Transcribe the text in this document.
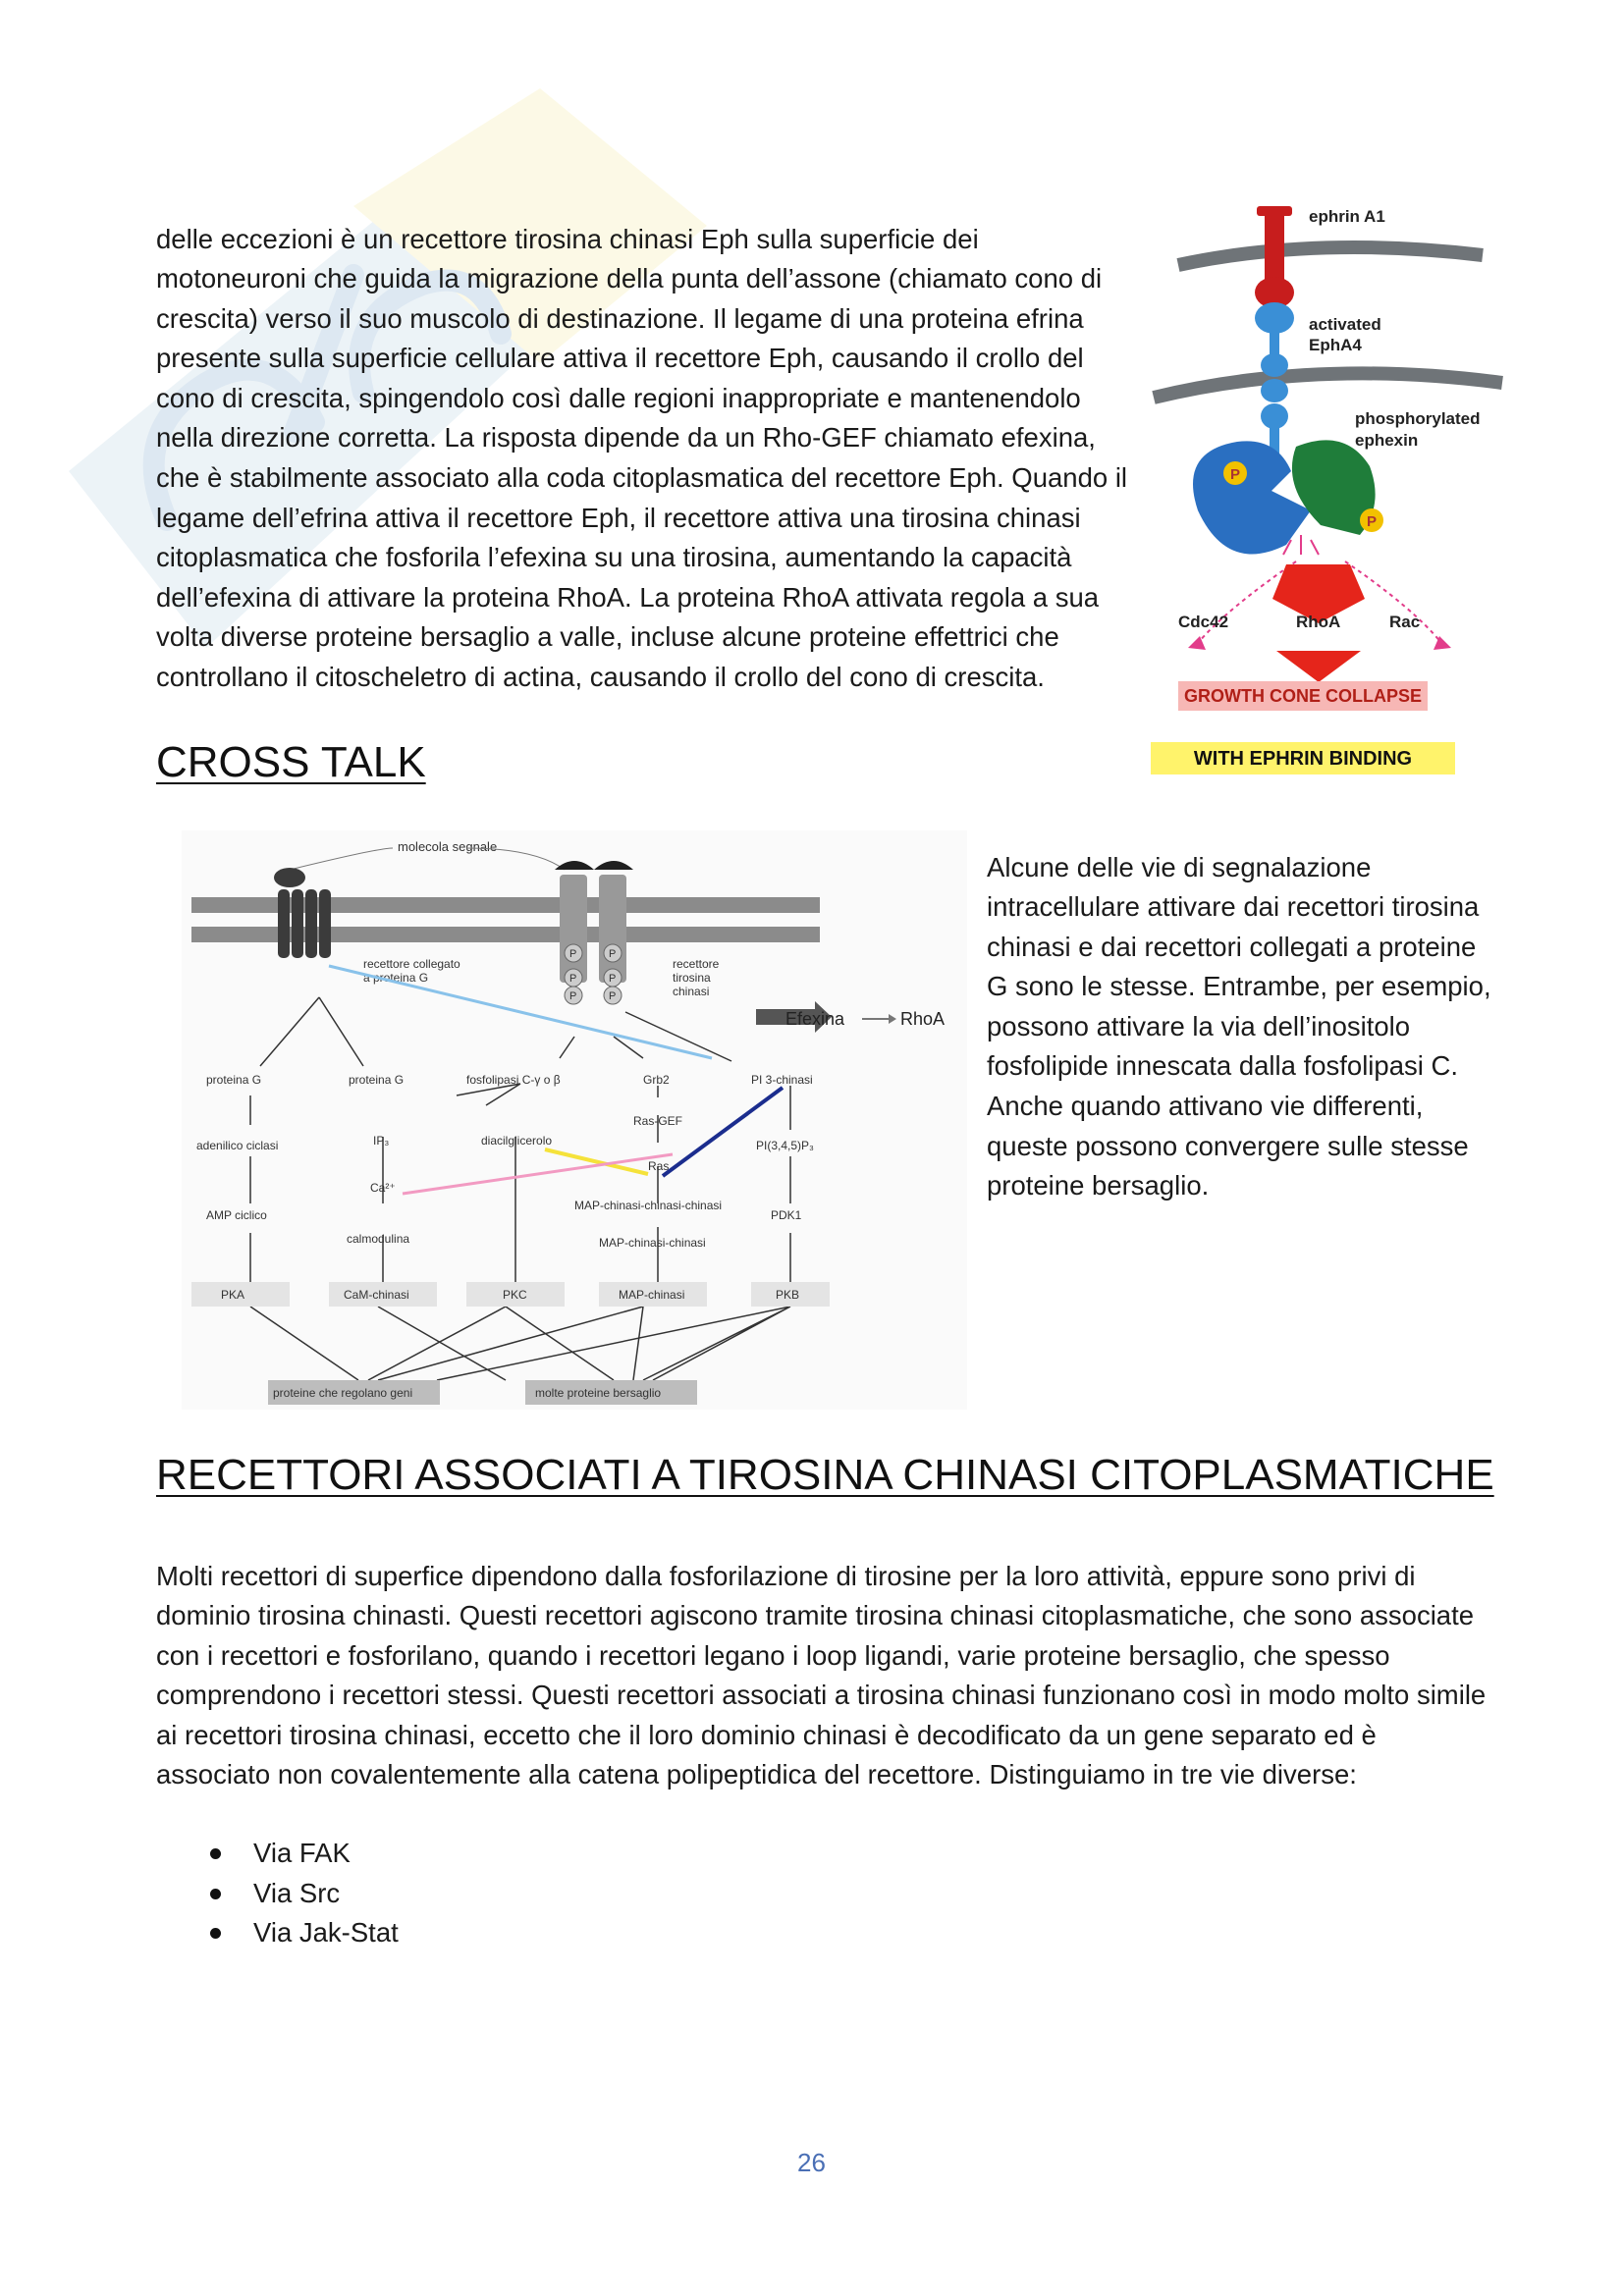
delle eccezioni è un recettore tirosina chinasi Eph sulla superficie dei motoneuroni che guida la migrazione della punta dell’assone (chiamato cono di crescita) verso il suo muscolo di destinazione. Il legame di una proteina efrina presente sulla superficie cellulare attiva il recettore Eph, causando il crollo del cono di crescita, spingendolo così dalle regioni inappropriate e mantenendolo nella direzione corretta. La risposta dipende da un Rho-GEF chiamato efexina, che è stabilmente associato alla coda citoplasmatica del recettore Eph. Quando il legame dell’efrina attiva il recettore Eph, il recettore attiva una tirosina chinasi citoplasmatica che fosforila l’efexina su una tirosina, aumentando la capacità dell’efexina di attivare la proteina RhoA. La proteina RhoA attivata regola a sua volta diverse proteine bersaglio a valle, incluse alcune proteine effettrici che controllano il citoscheletro di actina, causando il crollo del cono di crescita.

P
P
ephrin A1
activated
EphA4
phosphorylated
ephexin
Cdc42	RhoA	Rac
GROWTH CONE COLLAPSE
WITH EPHRIN BINDING
CROSS TALK
molecola segnale
P	P
P	P
P	P
recettore collegato
a proteina G
recettore
tirosina
chinasi
Efexina	RhoA
proteina G	proteina G	fosfolipasi C-γ o β	Grb2	PI 3-chinasi
adenilico ciclasi	IP₃	diacilglicerolo
Ras-GEF
PI(3,4,5)P₃
Ras
Ca²⁺
AMP ciclico
MAP-chinasi-chinasi-chinasi
PDK1
calmodulina	MAP-chinasi-chinasi
PKA	CaM-chinasi	PKC	MAP-chinasi	PKB
proteine che regolano geni	molte proteine bersaglio

Alcune delle vie di segnalazione intracellulare attivare dai recettori tirosina chinasi e dai recettori collegati a proteine G sono le stesse. Entrambe, per esempio, possono attivare la via dell’inositolo fosfolipide innescata dalla fosfolipasi C. Anche quando attivano vie differenti, queste possono convergere sulle stesse proteine bersaglio.

RECETTORI ASSOCIATI A TIROSINA CHINASI CITOPLASMATICHE

Molti recettori di superfice dipendono dalla fosforilazione di tirosine per la loro attività, eppure sono privi di dominio tirosina chinasti. Questi recettori agiscono tramite tirosina chinasi citoplasmatiche, che sono associate con i recettori e fosforilano, quando i recettori legano i loop ligandi, varie proteine bersaglio, che spesso comprendono i recettori stessi. Questi recettori associati a tirosina chinasi funzionano così in modo molto simile ai recettori tirosina chinasi, eccetto che il loro dominio chinasi è decodificato da un gene separato ed è associato non covalentemente alla catena polipeptidica del recettore. Distinguiamo in tre vie diverse:

Via FAK
Via Src
Via Jak-Stat
26
